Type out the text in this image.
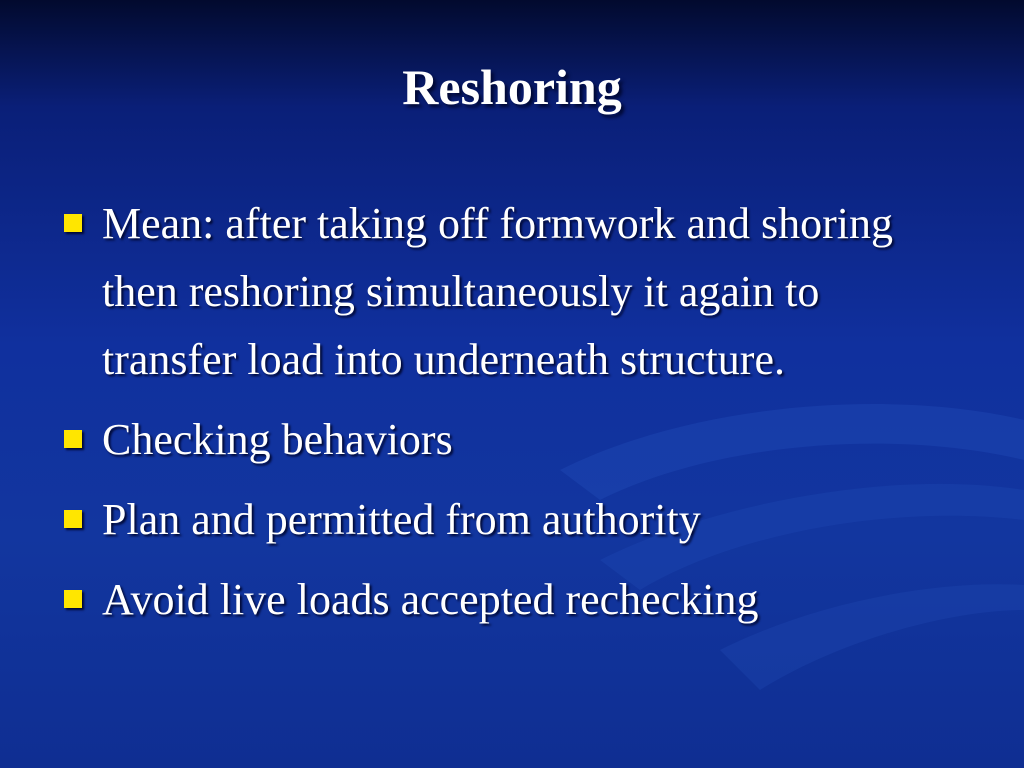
Reshoring
Mean: after taking off formwork and shoring then reshoring simultaneously it again to transfer load into underneath structure.
Checking behaviors
Plan and permitted from authority
Avoid live loads accepted rechecking
